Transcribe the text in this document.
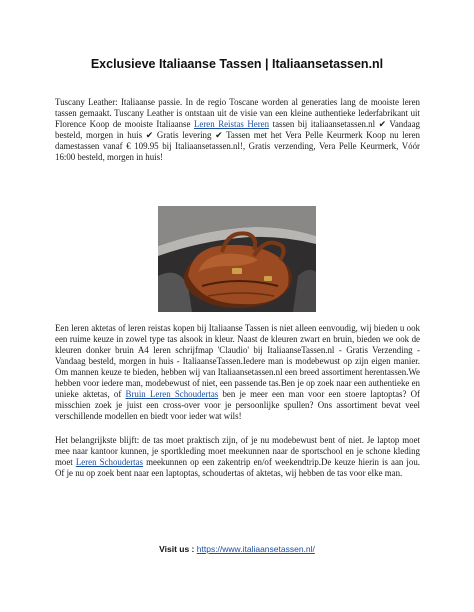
Exclusieve Italiaanse Tassen | Italiaansetassen.nl

Tuscany Leather: Italiaanse passie. In de regio Toscane worden al generaties lang de mooiste leren tassen gemaakt. Tuscany Leather is ontstaan uit de visie van een kleine authentieke lederfabrikant uit Florence Koop de mooiste Italiaanse Leren Reistas Heren tassen bij italiaansetassen.nl ✔ Vandaag besteld, morgen in huis ✔ Gratis levering ✔ Tassen met het Vera Pelle Keurmerk Koop nu leren damestassen vanaf € 109.95 bij Italiaansetassen.nl!, Gratis verzending, Vera Pelle Keurmerk, Vóór 16:00 besteld, morgen in huis!

Een leren aktetas of leren reistas kopen bij Italiaanse Tassen is niet alleen eenvoudig, wij bieden u ook een ruime keuze in zowel type tas alsook in kleur. Naast de kleuren zwart en bruin, bieden we ook de kleuren donker bruin A4 leren schrijfmap 'Claudio' bij ItaliaanseTassen.nl - Gratis Verzending - Vandaag besteld, morgen in huis - ItaliaanseTassen.Iedere man is modebewust op zijn eigen manier. Om mannen keuze te bieden, hebben wij van Italiaansetassen.nl een breed assortiment herentassen.We hebben voor iedere man, modebewust of niet, een passende tas.Ben je op zoek naar een authentieke en unieke aktetas, of Bruin Leren Schoudertas ben je meer een man voor een stoere laptoptas? Of misschien zoek je juist een cross-over voor je persoonlijke spullen? Ons assortiment bevat veel verschillende modellen en biedt voor ieder wat wils!

Het belangrijkste blijft: de tas moet praktisch zijn, of je nu modebewust bent of niet. Je laptop moet mee naar kantoor kunnen, je sportkleding moet meekunnen naar de sportschool en je schone kleding moet Leren Schoudertas meekunnen op een zakentrip en/of weekendtrip.De keuze hierin is aan jou. Of je nu op zoek bent naar een laptoptas, schoudertas of aktetas, wij hebben de tas voor elke man.

Visit us : https://www.italiaansetassen.nl/
